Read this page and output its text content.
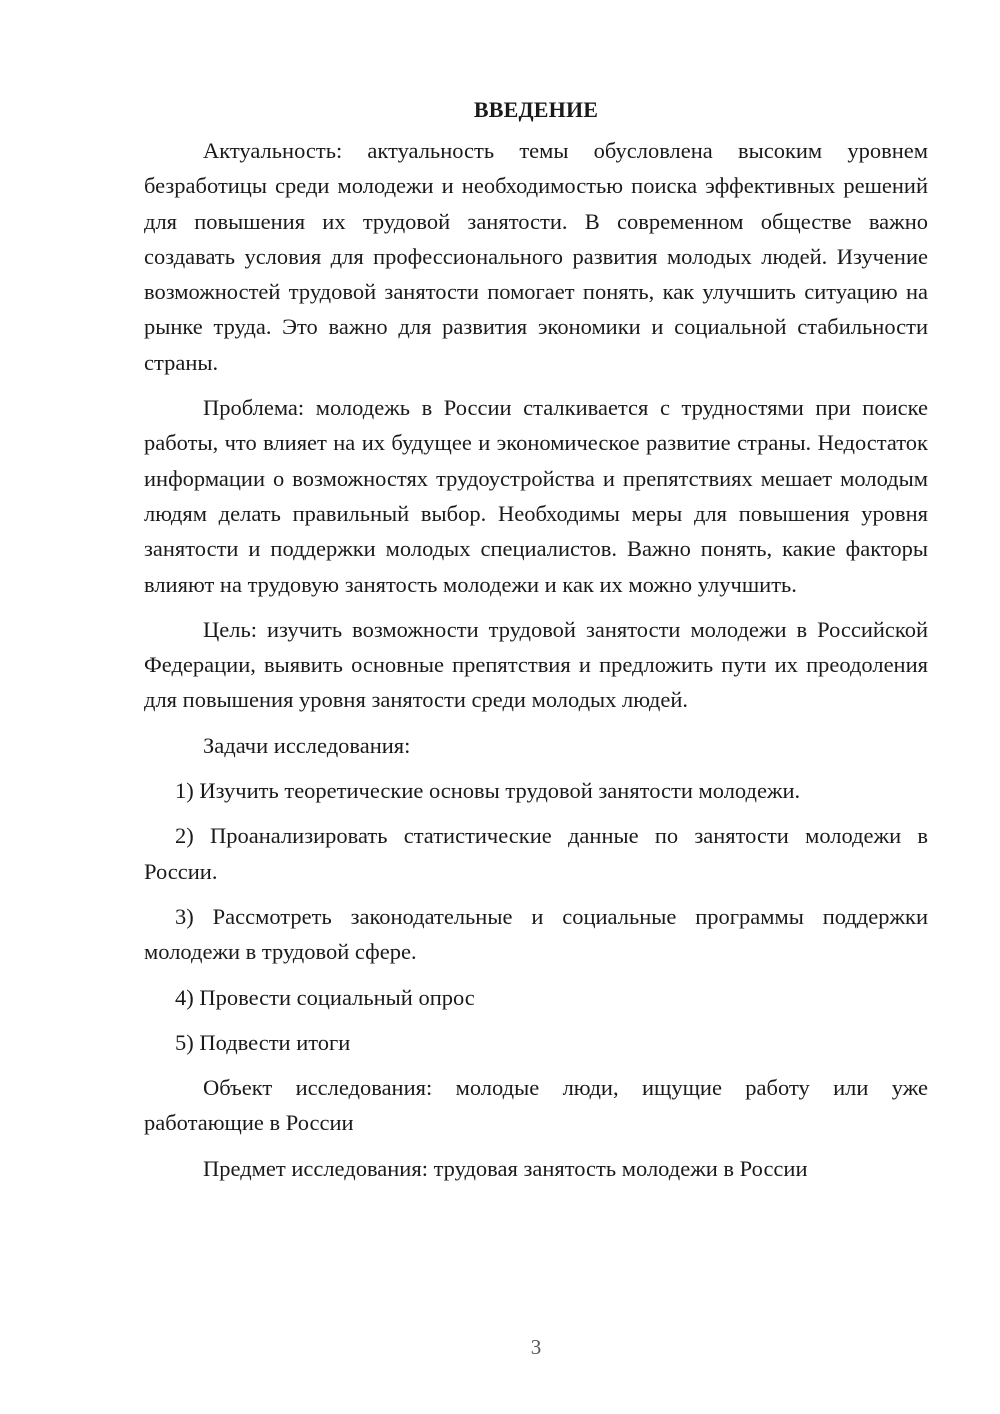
ВВЕДЕНИЕ

Актуальность: актуальность темы обусловлена высоким уровнем безработицы среди молодежи и необходимостью поиска эффективных решений для повышения их трудовой занятости. В современном обществе важно создавать условия для профессионального развития молодых людей. Изучение возможностей трудовой занятости помогает понять, как улучшить ситуацию на рынке труда. Это важно для развития экономики и социальной стабильности страны.

Проблема: молодежь в России сталкивается с трудностями при поиске работы, что влияет на их будущее и экономическое развитие страны. Недостаток информации о возможностях трудоустройства и препятствиях мешает молодым людям делать правильный выбор. Необходимы меры для повышения уровня занятости и поддержки молодых специалистов. Важно понять, какие факторы влияют на трудовую занятость молодежи и как их можно улучшить.

Цель: изучить возможности трудовой занятости молодежи в Российской Федерации, выявить основные препятствия и предложить пути их преодоления для повышения уровня занятости среди молодых людей.

Задачи исследования:

1) Изучить теоретические основы трудовой занятости молодежи.

2) Проанализировать статистические данные по занятости молодежи в России.

3) Рассмотреть законодательные и социальные программы поддержки молодежи в трудовой сфере.

4) Провести социальный опрос

5) Подвести итоги

Объект исследования: молодые люди, ищущие работу или уже работающие в России

Предмет исследования: трудовая занятость молодежи в России

3
